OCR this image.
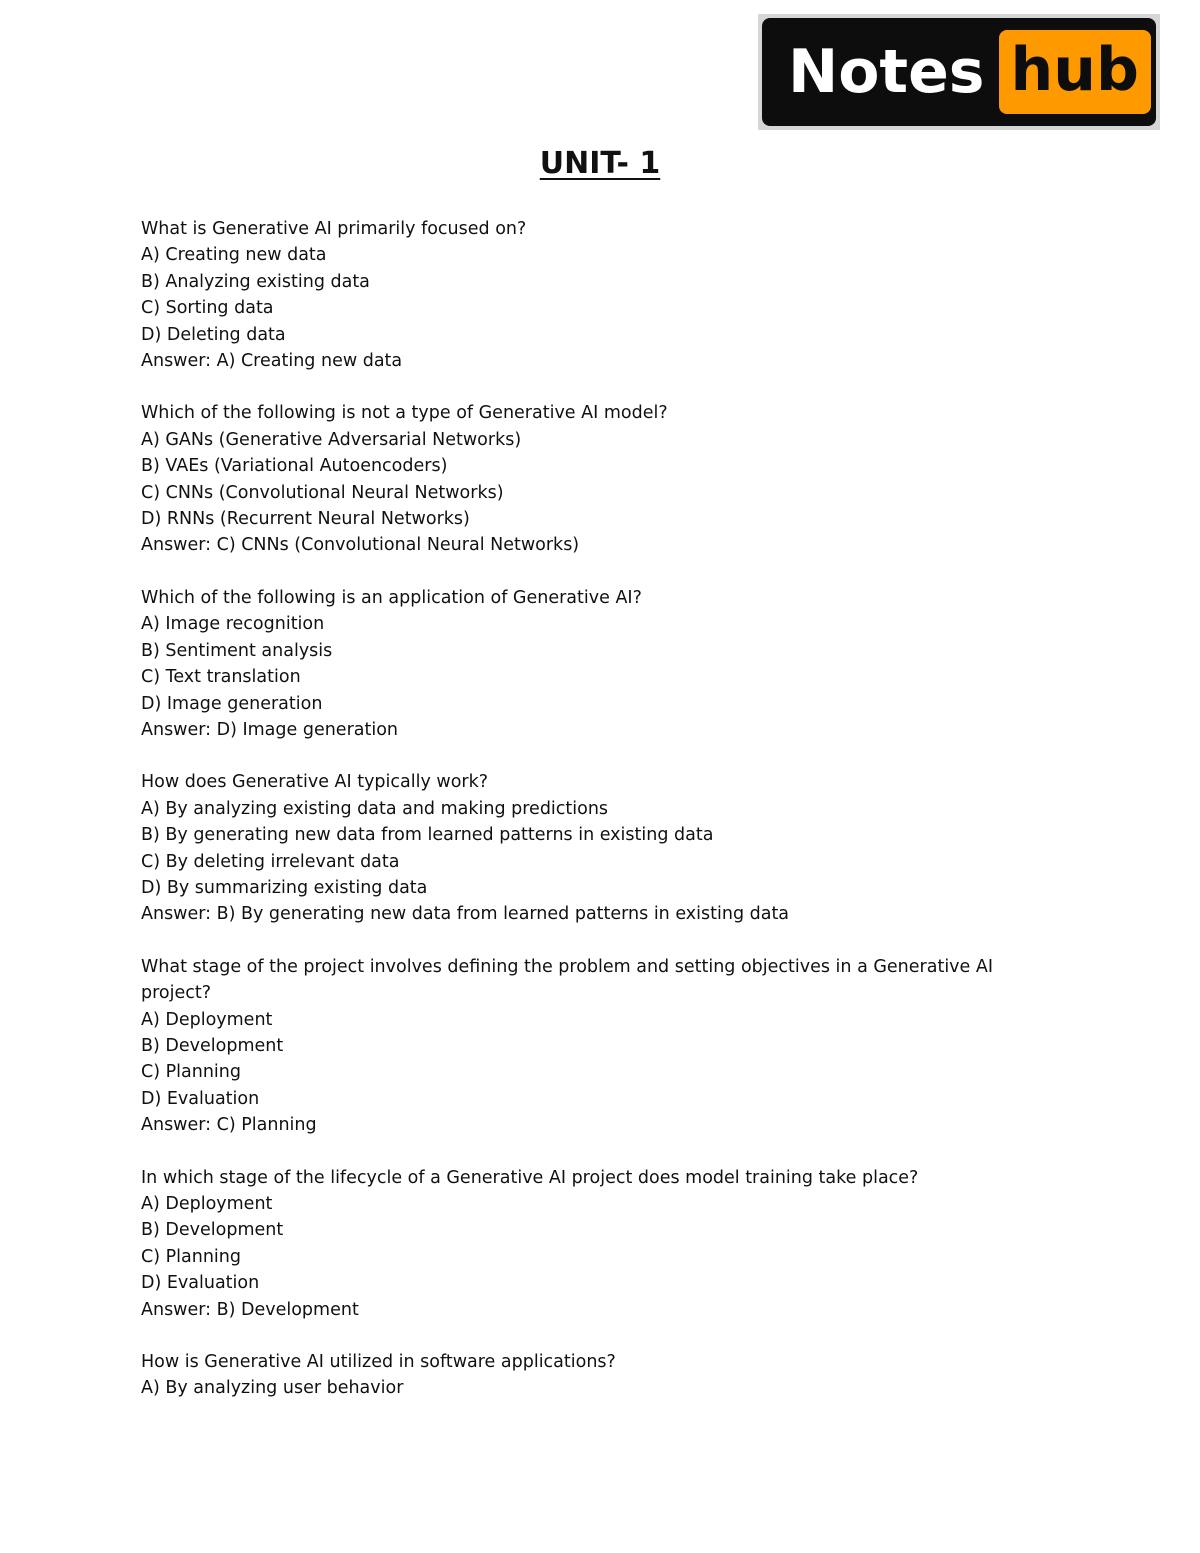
Notes hub
UNIT- 1
What is Generative AI primarily focused on?
A) Creating new data
B) Analyzing existing data
C) Sorting data
D) Deleting data
Answer: A) Creating new data
Which of the following is not a type of Generative AI model?
A) GANs (Generative Adversarial Networks)
B) VAEs (Variational Autoencoders)
C) CNNs (Convolutional Neural Networks)
D) RNNs (Recurrent Neural Networks)
Answer: C) CNNs (Convolutional Neural Networks)
Which of the following is an application of Generative AI?
A) Image recognition
B) Sentiment analysis
C) Text translation
D) Image generation
Answer: D) Image generation
How does Generative AI typically work?
A) By analyzing existing data and making predictions
B) By generating new data from learned patterns in existing data
C) By deleting irrelevant data
D) By summarizing existing data
Answer: B) By generating new data from learned patterns in existing data
What stage of the project involves defining the problem and setting objectives in a Generative AI project?
A) Deployment
B) Development
C) Planning
D) Evaluation
Answer: C) Planning
In which stage of the lifecycle of a Generative AI project does model training take place?
A) Deployment
B) Development
C) Planning
D) Evaluation
Answer: B) Development
How is Generative AI utilized in software applications?
A) By analyzing user behavior
